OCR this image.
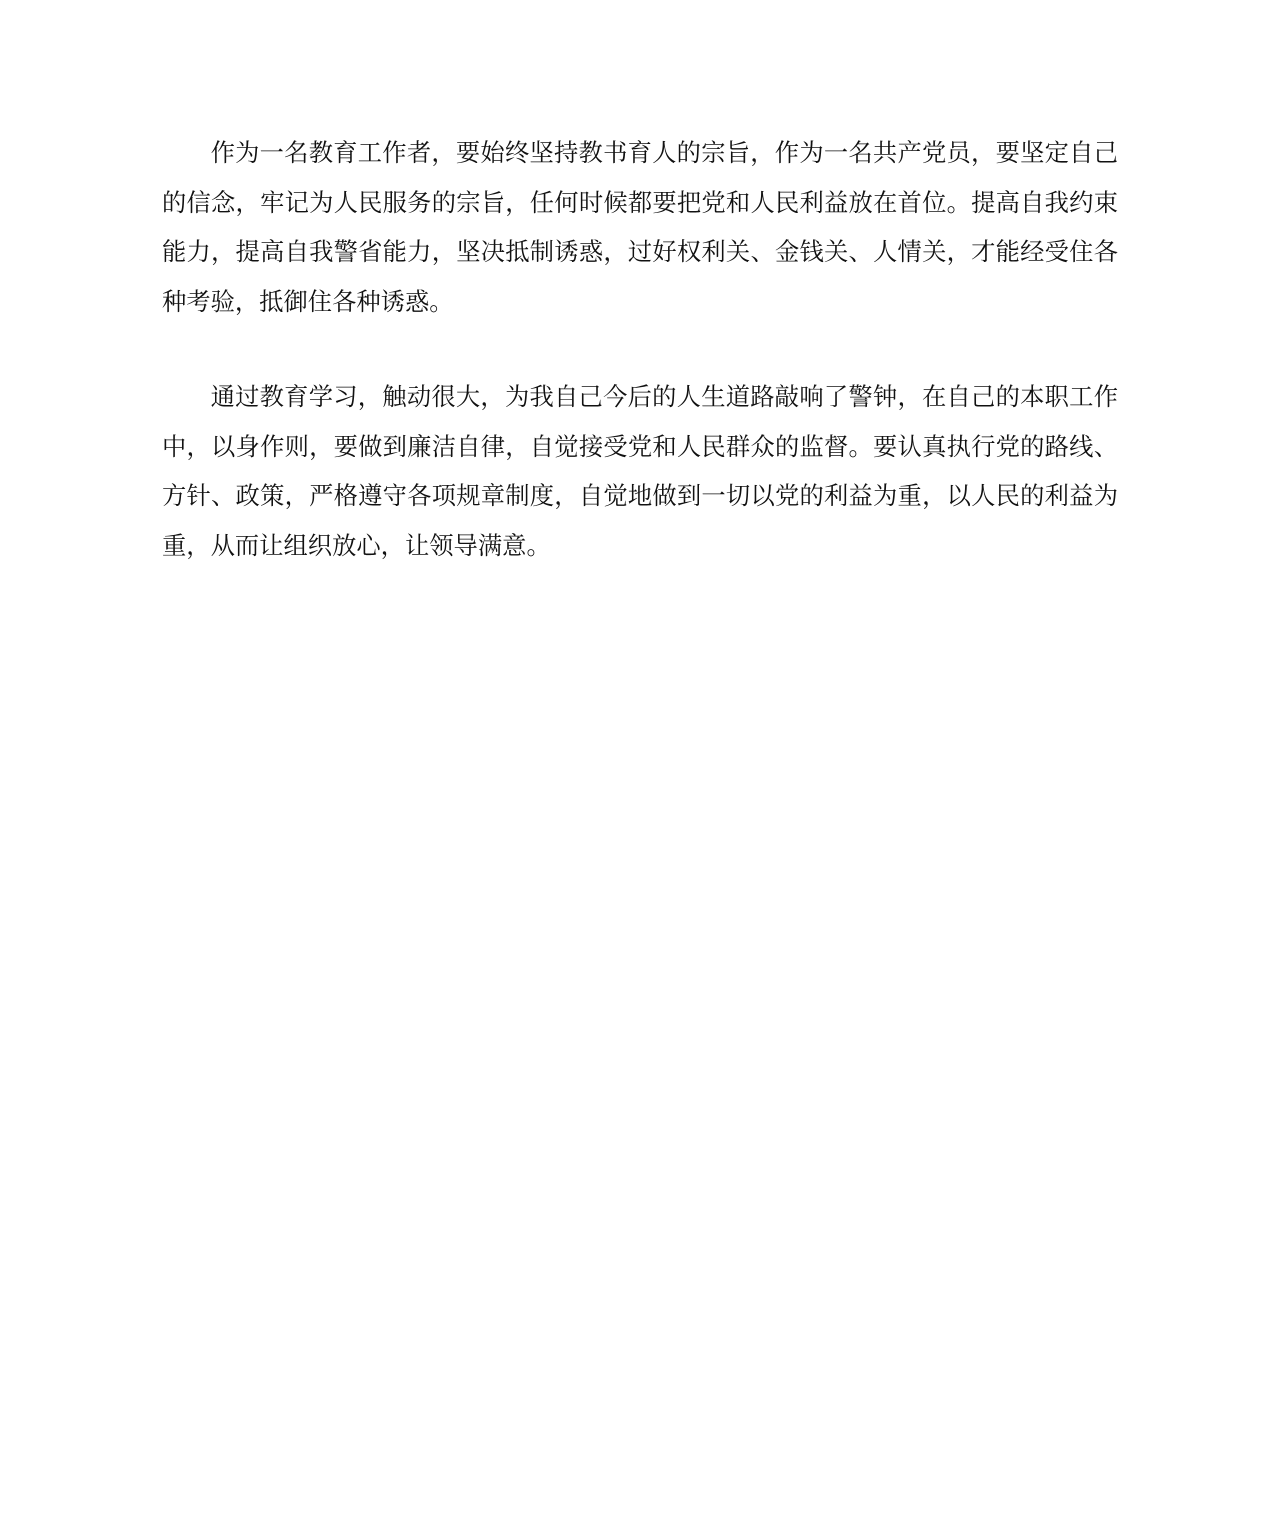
作为一名教育工作者，要始终坚持教书育人的宗旨，作为一名共产党员，要坚定自己的信念，牢记为人民服务的宗旨，任何时候都要把党和人民利益放在首位。提高自我约束能力，提高自我警省能力，坚决抵制诱惑，过好权利关、金钱关、人情关，才能经受住各种考验，抵御住各种诱惑。

通过教育学习，触动很大，为我自己今后的人生道路敲响了警钟，在自己的本职工作中，以身作则，要做到廉洁自律，自觉接受党和人民群众的监督。要认真执行党的路线、方针、政策，严格遵守各项规章制度，自觉地做到一切以党的利益为重，以人民的利益为重，从而让组织放心，让领导满意。
